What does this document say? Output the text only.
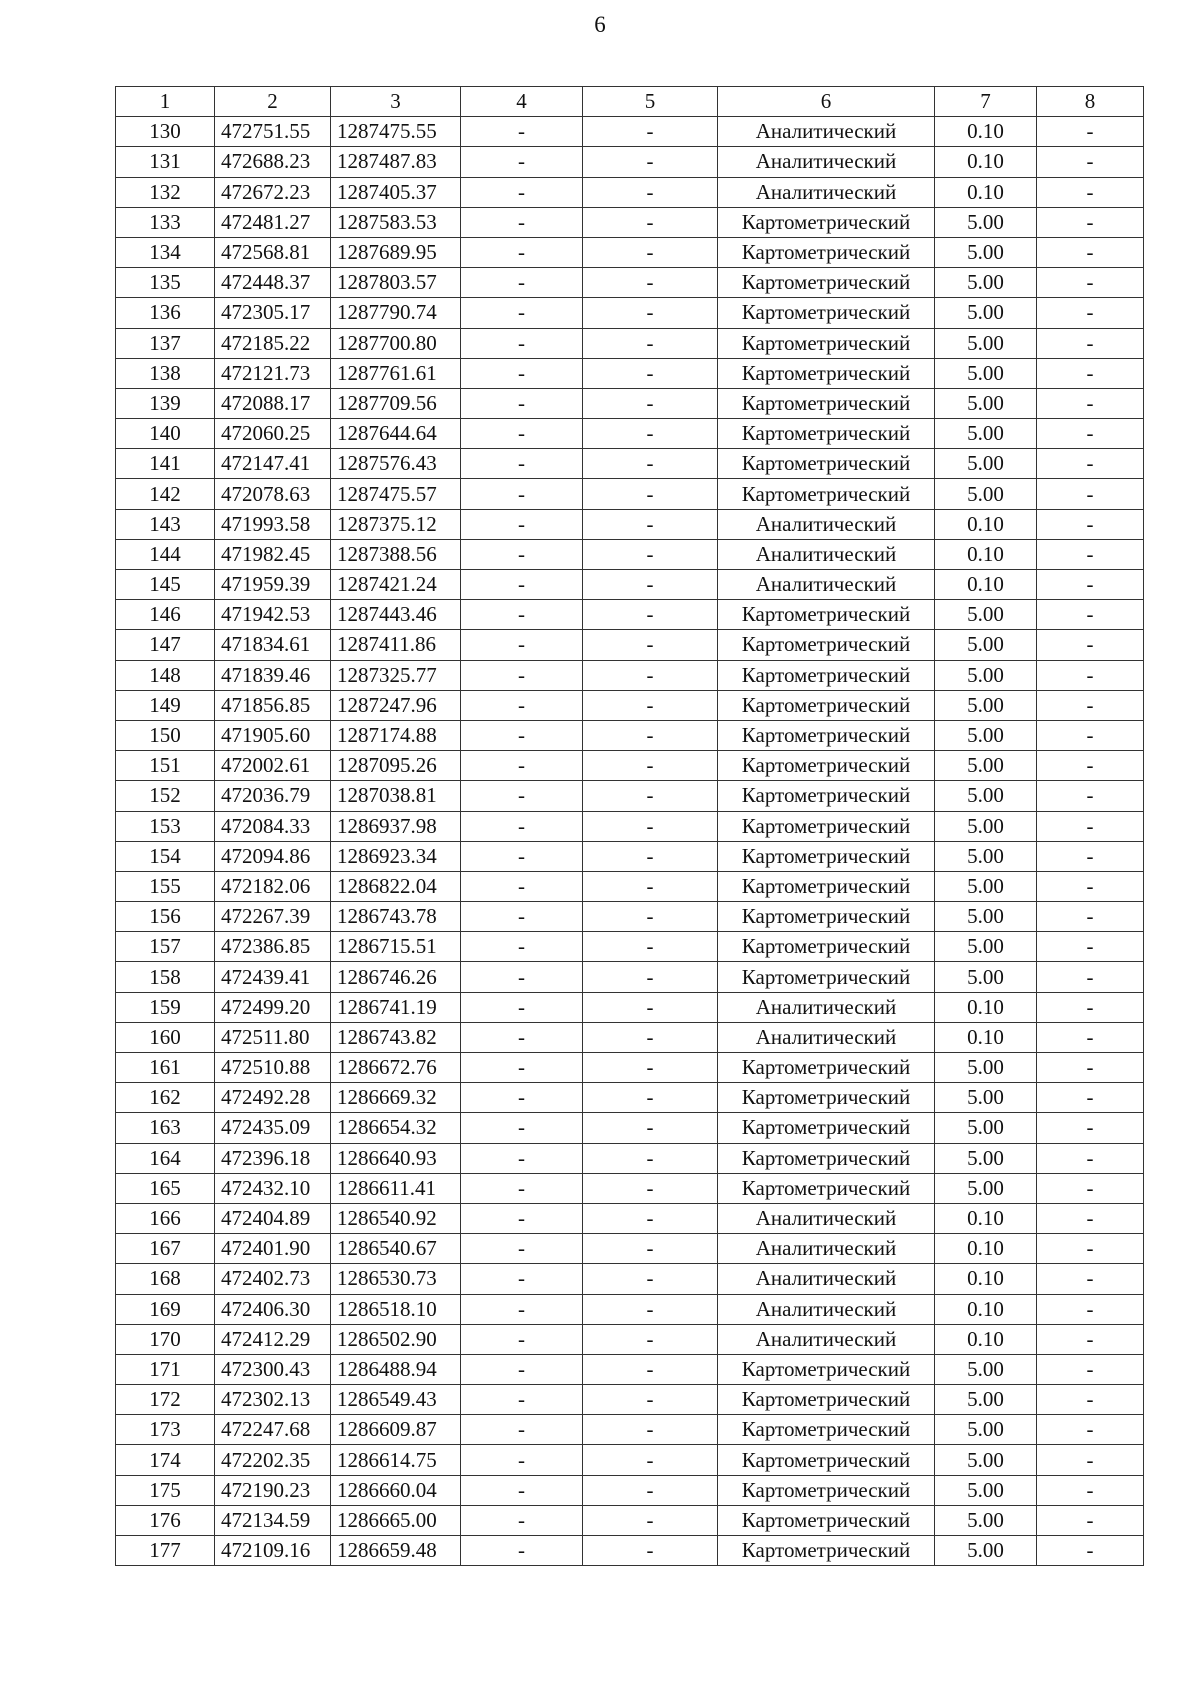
6
1	2	3	4	5	6	7	8
130	472751.55	1287475.55	-	-	Аналитический	0.10	-
131	472688.23	1287487.83	-	-	Аналитический	0.10	-
132	472672.23	1287405.37	-	-	Аналитический	0.10	-
133	472481.27	1287583.53	-	-	Картометрический	5.00	-
134	472568.81	1287689.95	-	-	Картометрический	5.00	-
135	472448.37	1287803.57	-	-	Картометрический	5.00	-
136	472305.17	1287790.74	-	-	Картометрический	5.00	-
137	472185.22	1287700.80	-	-	Картометрический	5.00	-
138	472121.73	1287761.61	-	-	Картометрический	5.00	-
139	472088.17	1287709.56	-	-	Картометрический	5.00	-
140	472060.25	1287644.64	-	-	Картометрический	5.00	-
141	472147.41	1287576.43	-	-	Картометрический	5.00	-
142	472078.63	1287475.57	-	-	Картометрический	5.00	-
143	471993.58	1287375.12	-	-	Аналитический	0.10	-
144	471982.45	1287388.56	-	-	Аналитический	0.10	-
145	471959.39	1287421.24	-	-	Аналитический	0.10	-
146	471942.53	1287443.46	-	-	Картометрический	5.00	-
147	471834.61	1287411.86	-	-	Картометрический	5.00	-
148	471839.46	1287325.77	-	-	Картометрический	5.00	-
149	471856.85	1287247.96	-	-	Картометрический	5.00	-
150	471905.60	1287174.88	-	-	Картометрический	5.00	-
151	472002.61	1287095.26	-	-	Картометрический	5.00	-
152	472036.79	1287038.81	-	-	Картометрический	5.00	-
153	472084.33	1286937.98	-	-	Картометрический	5.00	-
154	472094.86	1286923.34	-	-	Картометрический	5.00	-
155	472182.06	1286822.04	-	-	Картометрический	5.00	-
156	472267.39	1286743.78	-	-	Картометрический	5.00	-
157	472386.85	1286715.51	-	-	Картометрический	5.00	-
158	472439.41	1286746.26	-	-	Картометрический	5.00	-
159	472499.20	1286741.19	-	-	Аналитический	0.10	-
160	472511.80	1286743.82	-	-	Аналитический	0.10	-
161	472510.88	1286672.76	-	-	Картометрический	5.00	-
162	472492.28	1286669.32	-	-	Картометрический	5.00	-
163	472435.09	1286654.32	-	-	Картометрический	5.00	-
164	472396.18	1286640.93	-	-	Картометрический	5.00	-
165	472432.10	1286611.41	-	-	Картометрический	5.00	-
166	472404.89	1286540.92	-	-	Аналитический	0.10	-
167	472401.90	1286540.67	-	-	Аналитический	0.10	-
168	472402.73	1286530.73	-	-	Аналитический	0.10	-
169	472406.30	1286518.10	-	-	Аналитический	0.10	-
170	472412.29	1286502.90	-	-	Аналитический	0.10	-
171	472300.43	1286488.94	-	-	Картометрический	5.00	-
172	472302.13	1286549.43	-	-	Картометрический	5.00	-
173	472247.68	1286609.87	-	-	Картометрический	5.00	-
174	472202.35	1286614.75	-	-	Картометрический	5.00	-
175	472190.23	1286660.04	-	-	Картометрический	5.00	-
176	472134.59	1286665.00	-	-	Картометрический	5.00	-
177	472109.16	1286659.48	-	-	Картометрический	5.00	-
